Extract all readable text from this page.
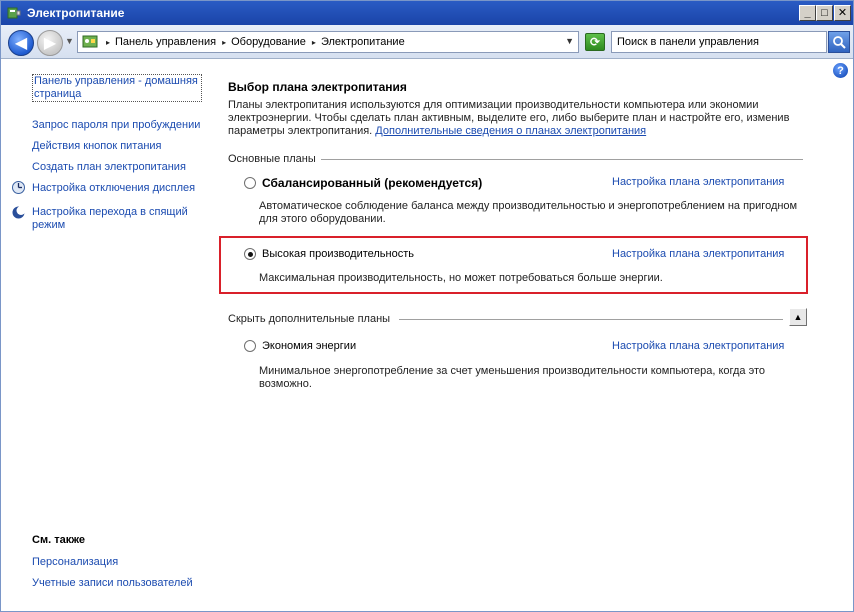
Электропитание	_ □ ✕
◀	▶ ▼	▸ Панель управления ▸ Оборудование ▸ Электропитание	▼	⟳	Поиск в панели управления
?
Панель управления - домашняя страница
Запрос пароля при пробуждении
Действия кнопок питания
Создать план электропитания
Настройка отключения дисплея
Настройка перехода в спящий режим
См. также
Персонализация
Учетные записи пользователей
Выбор плана электропитания
Планы электропитания используются для оптимизации производительности компьютера или экономии электроэнергии. Чтобы сделать план активным, выделите его, либо выберите план и настройте его, изменив параметры электропитания. Дополнительные сведения о планах электропитания
Основные планы
Сбалансированный (рекомендуется)	Настройка плана электропитания
Автоматическое соблюдение баланса между производительностью и энергопотреблением на пригодном для этого оборудовании.
Высокая производительность	Настройка плана электропитания
Максимальная производительность, но может потребоваться больше энергии.
Скрыть дополнительные планы	▲
Экономия энергии	Настройка плана электропитания
Минимальное энергопотребление за счет уменьшения производительности компьютера, когда это возможно.
